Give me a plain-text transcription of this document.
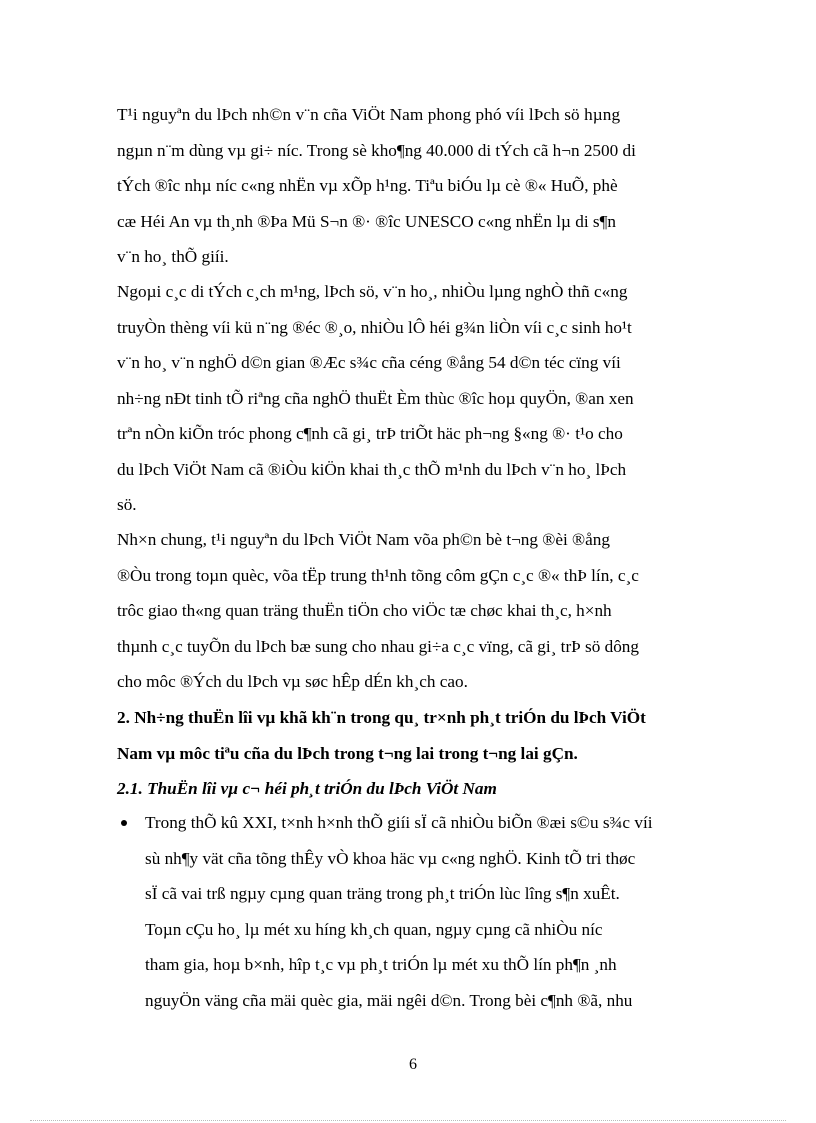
T¹i nguyªn du lÞch nh©n v¨n cña ViÖt Nam phong phó víi lÞch sö hµng
ngµn n¨m dùng vµ gi÷ níc. Trong sè kho¶ng 40.000 di tÝch cã h¬n 2500 di
tÝch ®îc nhµ níc c«ng nhËn vµ xÕp h¹ng. Tiªu biÓu lµ cè ®« HuÕ, phè
cæ Héi An vµ th¸nh ®Þa Mü S¬n ®· ®îc UNESCO c«ng nhËn lµ di s¶n
v¨n ho¸ thÕ giíi.
Ngoµi c¸c di tÝch c¸ch m¹ng, lÞch sö, v¨n ho¸, nhiÒu lµng nghÒ thñ c«ng
truyÒn thèng víi kü n¨ng ®éc ®¸o, nhiÒu lÔ héi g¾n liÒn víi c¸c sinh ho¹t
v¨n ho¸ v¨n nghÖ d©n gian ®Æc s¾c cña céng ®ång 54 d©n téc cïng víi
nh÷ng nÐt tinh tÕ riªng cña nghÖ thuËt Èm thùc ®îc hoµ quyÖn, ®an xen
trªn nÒn kiÕn tróc phong c¶nh cã gi¸ trÞ triÕt häc ph¬ng §«ng ®· t¹o cho
du lÞch ViÖt Nam cã ®iÒu kiÖn khai th¸c thÕ m¹nh du lÞch v¨n ho¸ lÞch
sö.
Nh×n chung, t¹i nguyªn du lÞch ViÖt Nam võa ph©n bè t¬ng ®èi ®ång
®Òu trong toµn quèc, võa tËp trung th¹nh tõng côm gÇn c¸c ®« thÞ lín, c¸c
trôc giao th«ng quan träng thuËn tiÖn cho viÖc tæ chøc khai th¸c, h×nh
thµnh c¸c tuyÕn du lÞch bæ sung cho nhau gi÷a c¸c vïng, cã gi¸ trÞ sö dông
cho môc ®Ých du lÞch vµ søc hÊp dÉn kh¸ch cao.
2. Nh÷ng thuËn lîi vµ khã kh¨n trong qu¸ tr×nh ph¸t triÓn du lÞch ViÖt
Nam vµ môc tiªu cña du lÞch trong t¬ng lai trong t¬ng lai gÇn.
2.1. ThuËn lîi vµ c¬ héi ph¸t triÓn du lÞch ViÖt Nam
Trong thÕ kû XXI, t×nh h×nh thÕ giíi sÏ cã nhiÒu biÕn ®æi s©u s¾c víi
sù nh¶y vät cña tõng thÊy vÒ khoa häc vµ c«ng nghÖ. Kinh tÕ tri thøc
sÏ cã vai trß ngµy cµng quan träng trong ph¸t triÓn lùc lîng s¶n xuÊt.
Toµn cÇu ho¸ lµ mét xu híng kh¸ch quan, ngµy cµng cã nhiÒu níc
tham gia, hoµ b×nh, hîp t¸c vµ ph¸t triÓn lµ mét xu thÕ lín ph¶n ¸nh
nguyÖn väng cña mäi quèc gia, mäi ngêi d©n. Trong bèi c¶nh ®ã, nhu
6
